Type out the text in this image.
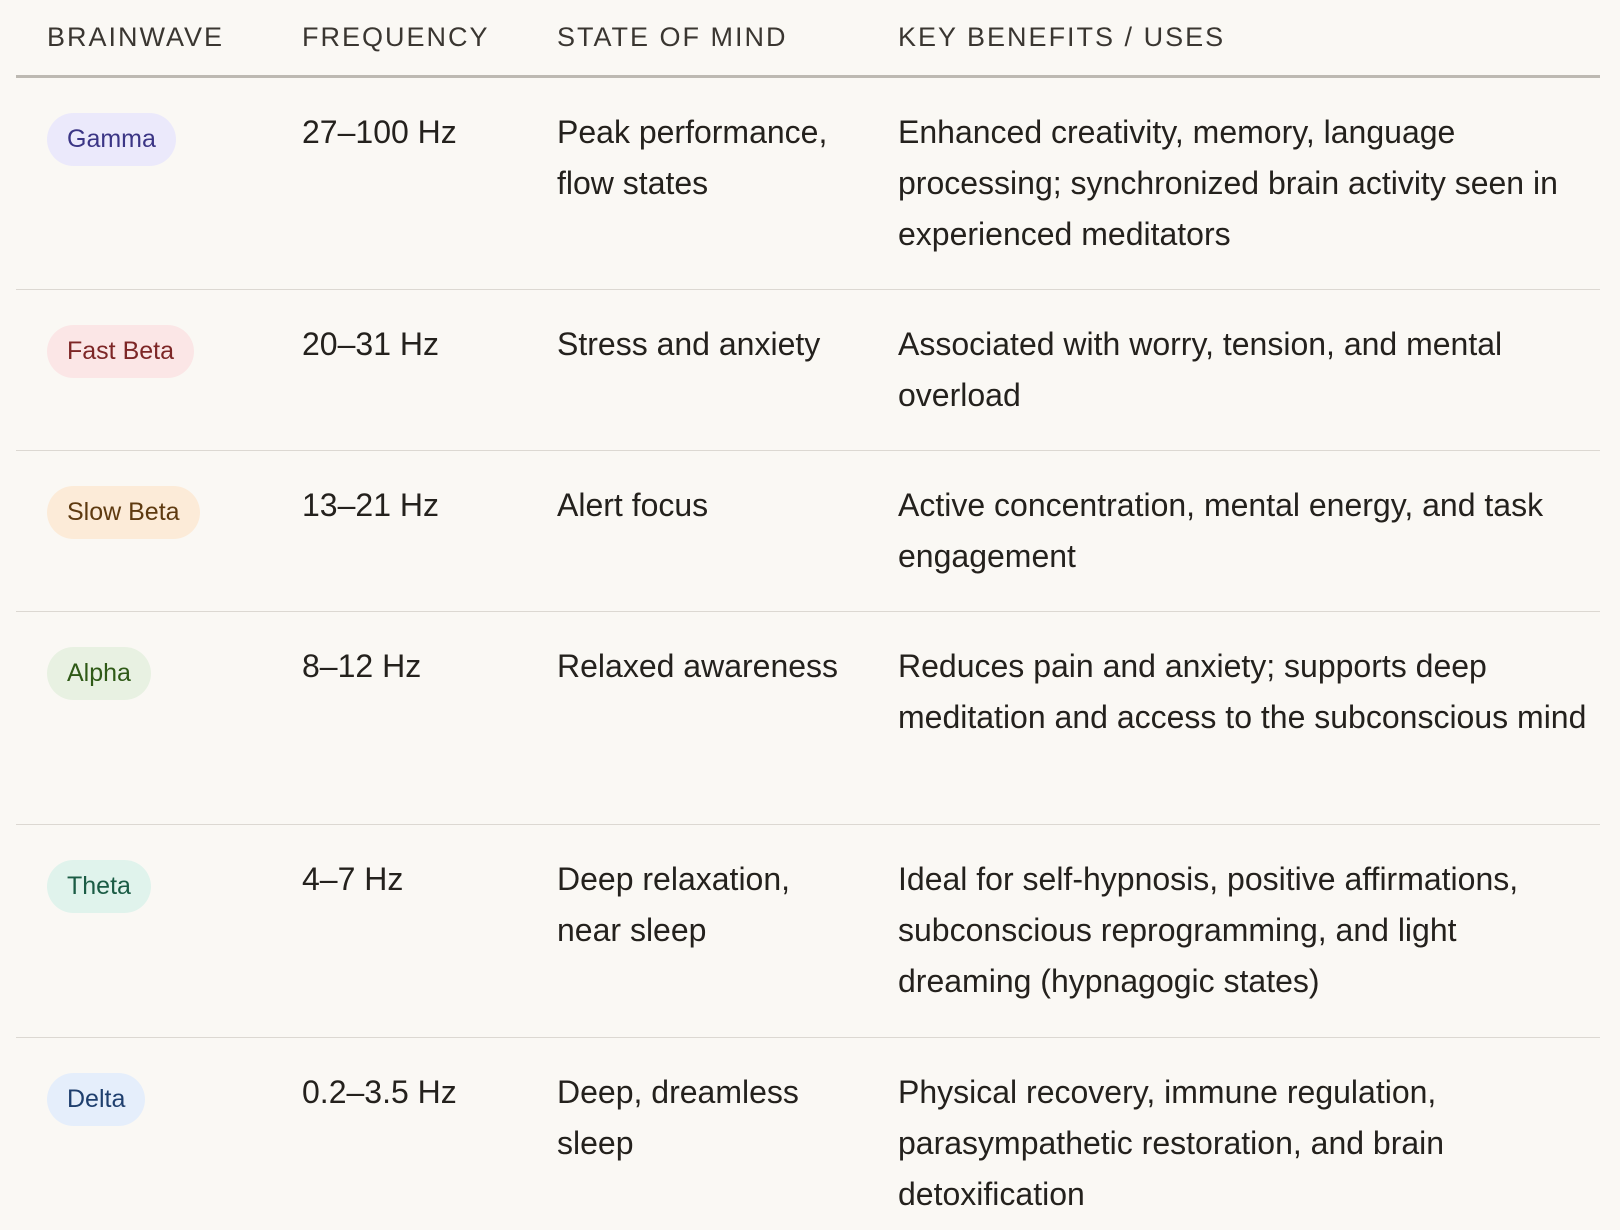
BRAINWAVE	FREQUENCY	STATE OF MIND	KEY BENEFITS / USES
Gamma	27–100 Hz	Peak performance, flow states	Enhanced creativity, memory, language processing; synchronized brain activity seen in experienced meditators
Fast Beta	20–31 Hz	Stress and anxiety	Associated with worry, tension, and mental overload
Slow Beta	13–21 Hz	Alert focus	Active concentration, mental energy, and task engagement
Alpha	8–12 Hz	Relaxed awareness	Reduces pain and anxiety; supports deep meditation and access to the subconscious mind
Theta	4–7 Hz	Deep relaxation, near sleep	Ideal for self-hypnosis, positive affirmations, subconscious reprogramming, and light dreaming (hypnagogic states)
Delta	0.2–3.5 Hz	Deep, dreamless sleep	Physical recovery, immune regulation, parasympathetic restoration, and brain detoxification
